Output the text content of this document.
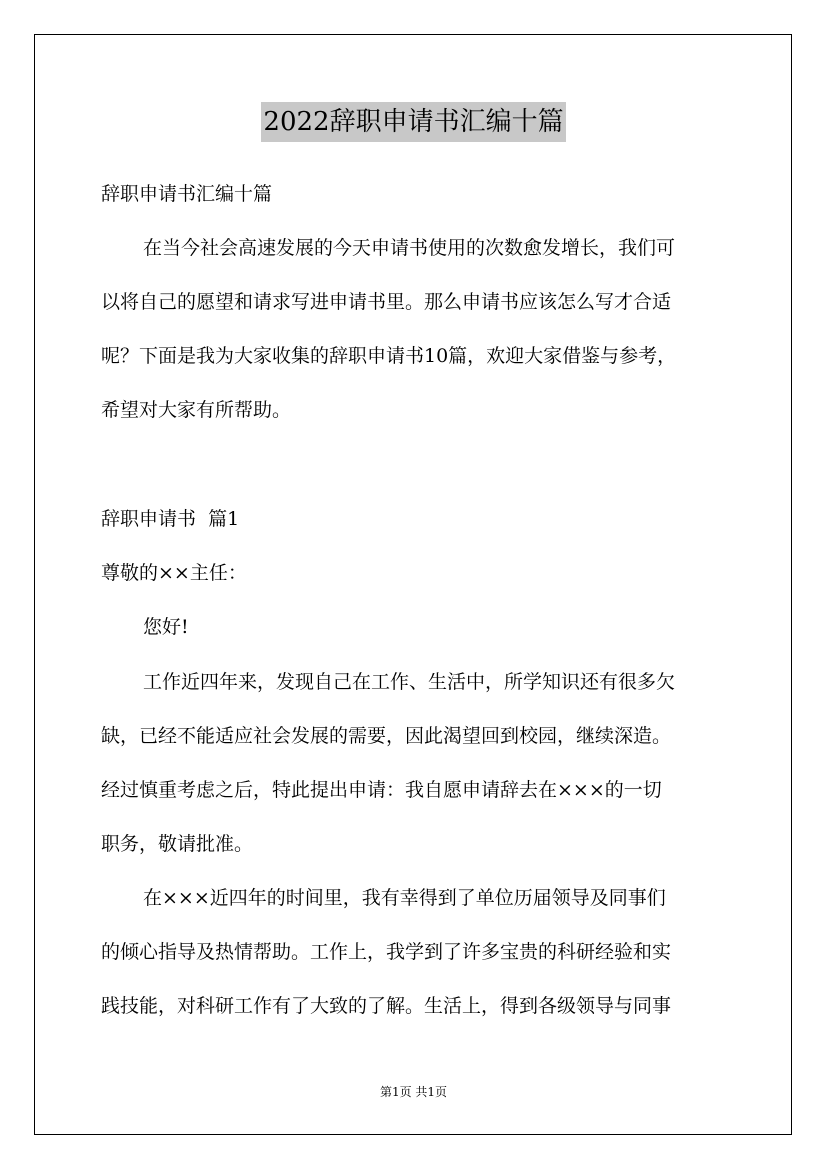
2022辞职申请书汇编十篇
辞职申请书汇编十篇
在当今社会高速发展的今天申请书使用的次数愈发增长，我们可
以将自己的愿望和请求写进申请书里。那么申请书应该怎么写才合适
呢？下面是我为大家收集的辞职申请书10篇，欢迎大家借鉴与参考，
希望对大家有所帮助。
辞职申请书  篇1
尊敬的××主任：
您好!
工作近四年来，发现自己在工作、生活中，所学知识还有很多欠
缺，已经不能适应社会发展的需要，因此渴望回到校园，继续深造。
经过慎重考虑之后，特此提出申请：我自愿申请辞去在×××的一切
职务，敬请批准。
在×××近四年的时间里，我有幸得到了单位历届领导及同事们
的倾心指导及热情帮助。工作上，我学到了许多宝贵的科研经验和实
践技能，对科研工作有了大致的了解。生活上，得到各级领导与同事
第1页 共1页
